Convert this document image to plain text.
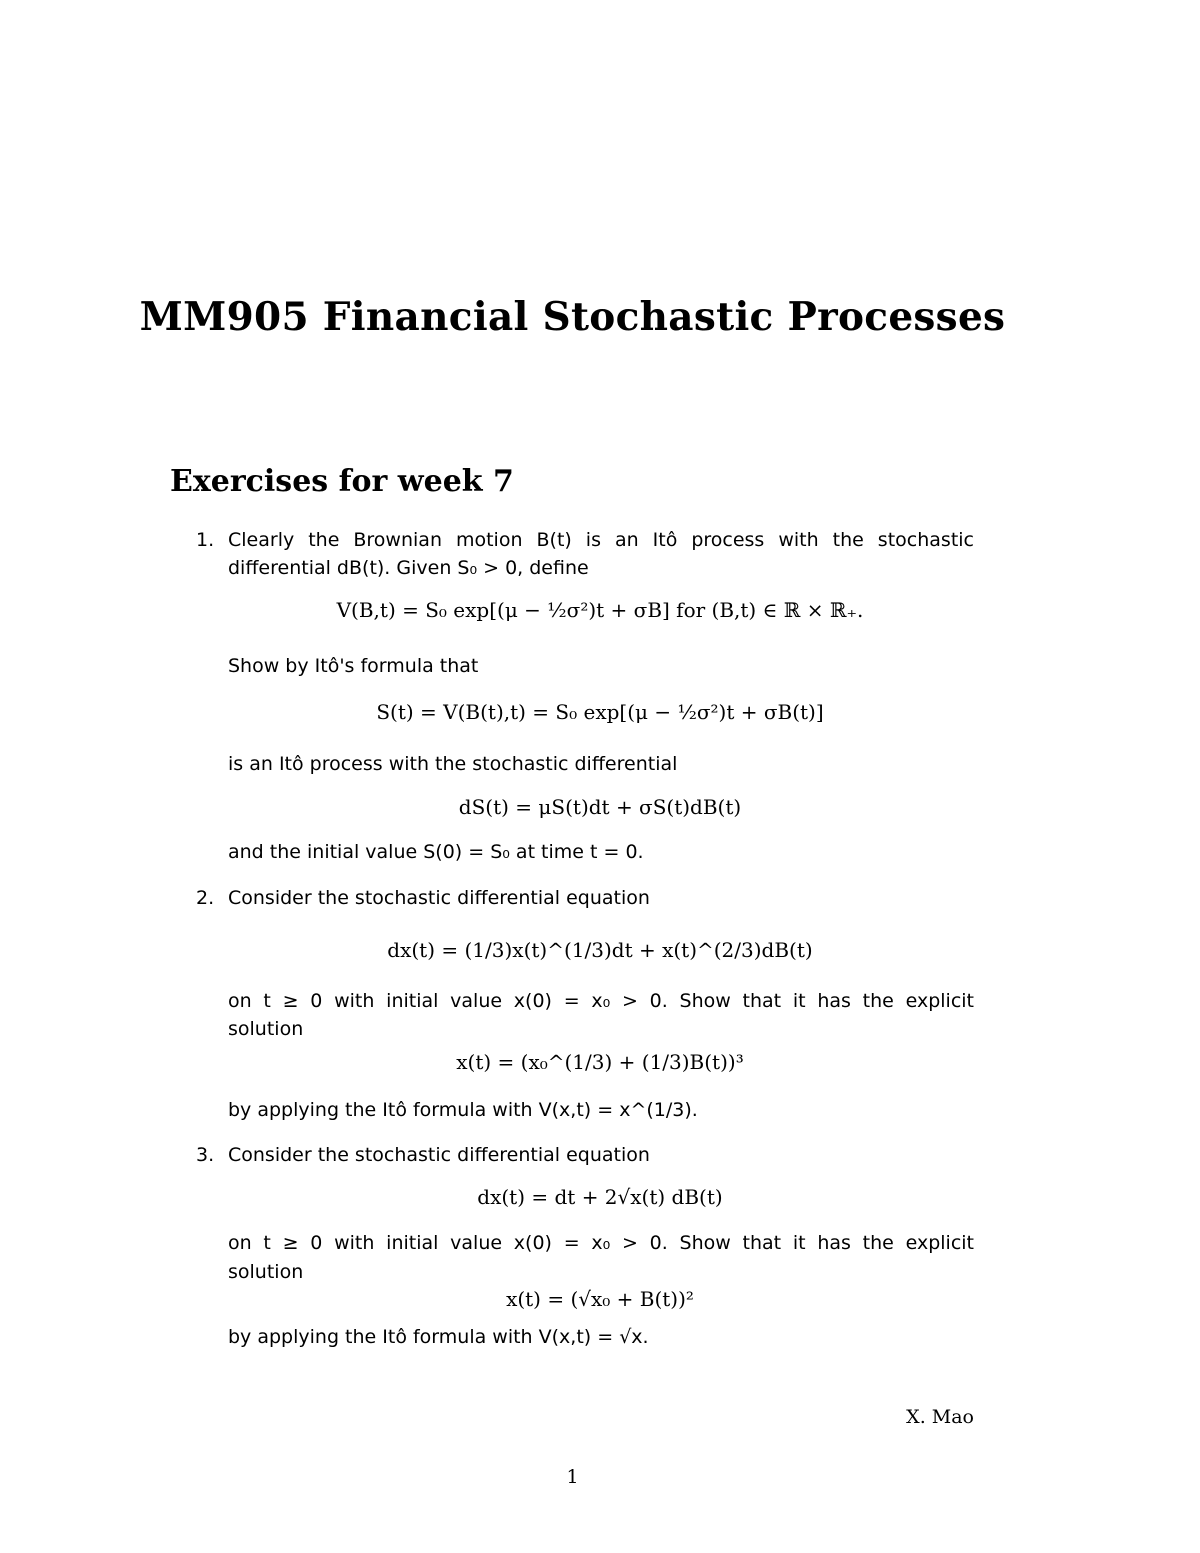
MM905 Financial Stochastic Processes
Exercises for week 7
1. Clearly the Brownian motion B(t) is an Itô process with the stochastic
differential dB(t). Given S₀ > 0, define
V(B,t) = S₀ exp[(μ − ½σ²)t + σB] for (B,t) ∈ ℝ × ℝ₊.
Show by Itô's formula that
S(t) = V(B(t),t) = S₀ exp[(μ − ½σ²)t + σB(t)]
is an Itô process with the stochastic differential
dS(t) = μS(t)dt + σS(t)dB(t)
and the initial value S(0) = S₀ at time t = 0.
2. Consider the stochastic differential equation
dx(t) = (1/3)x(t)^(1/3)dt + x(t)^(2/3)dB(t)
on t ≥ 0 with initial value x(0) = x₀ > 0. Show that it has the explicit
solution
x(t) = (x₀^(1/3) + (1/3)B(t))³
by applying the Itô formula with V(x,t) = x^(1/3).
3. Consider the stochastic differential equation
dx(t) = dt + 2√x(t) dB(t)
on t ≥ 0 with initial value x(0) = x₀ > 0. Show that it has the explicit
solution
x(t) = (√x₀ + B(t))²
by applying the Itô formula with V(x,t) = √x.
X. Mao
1
